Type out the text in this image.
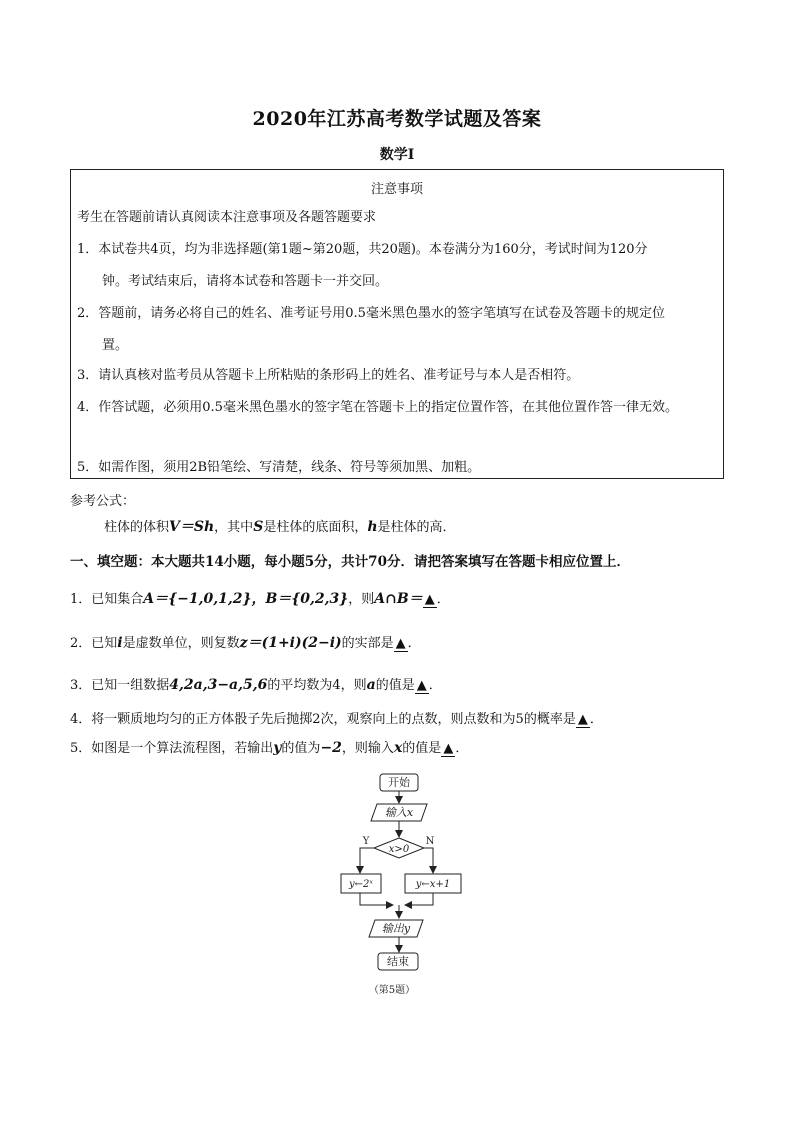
2020年江苏高考数学试题及答案
数学Ⅰ
注意事项
考生在答题前请认真阅读本注意事项及各题答题要求
1．本试卷共4页，均为非选择题(第1题~第20题，共20题)。本卷满分为160分，考试时间为120分
钟。考试结束后，请将本试卷和答题卡一并交回。
2．答题前，请务必将自己的姓名、准考证号用0.5毫米黑色墨水的签字笔填写在试卷及答题卡的规定位
置。
3．请认真核对监考员从答题卡上所粘贴的条形码上的姓名、准考证号与本人是否相符。
4．作答试题，必须用0.5毫米黑色墨水的签字笔在答题卡上的指定位置作答，在其他位置作答一律无效。
5．如需作图，须用2B铅笔绘、写清楚，线条、符号等须加黑、加粗。
参考公式：
柱体的体积V＝Sh，其中S是柱体的底面积，h是柱体的高．
一、填空题：本大题共14小题，每小题5分，共计70分．请把答案填写在答题卡相应位置上．
1．已知集合A＝{−1,0,1,2}，B＝{0,2,3}，则A∩B＝ ▲ ．
2．已知i是虚数单位，则复数z＝(1+i)(2−i)的实部是 ▲ ．
3．已知一组数据4,2a,3−a,5,6的平均数为4，则a的值是 ▲ ．
4．将一颗质地均匀的正方体骰子先后抛掷2次，观察向上的点数，则点数和为5的概率是 ▲ ．
5．如图是一个算法流程图，若输出y的值为−2，则输入x的值是 ▲ ．
开始
输入x
x>0
Y	N
y←2ˣ	y←x+1
输出y
结束
（第5题）
